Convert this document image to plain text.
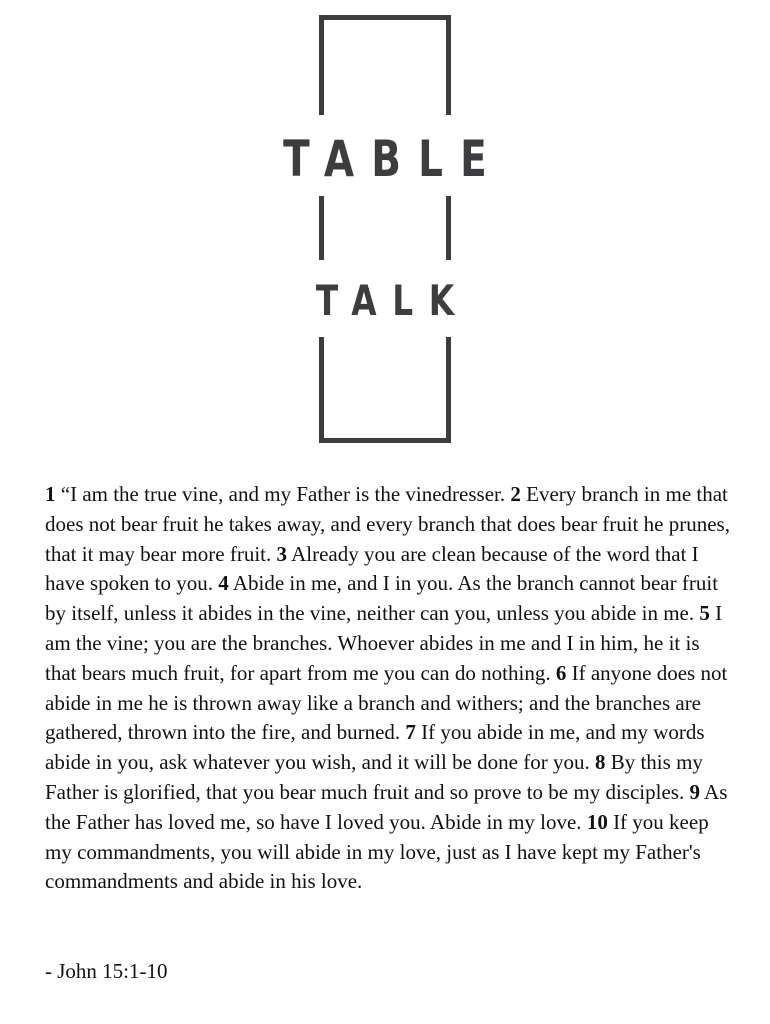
TABLE
TALK

1 “I am the true vine, and my Father is the vinedresser. 2 Every branch in me that does not bear fruit he takes away, and every branch that does bear fruit he prunes, that it may bear more fruit. 3 Already you are clean because of the word that I have spoken to you. 4 Abide in me, and I in you. As the branch cannot bear fruit by itself, unless it abides in the vine, neither can you, unless you abide in me. 5 I am the vine; you are the branches. Whoever abides in me and I in him, he it is that bears much fruit, for apart from me you can do nothing. 6 If anyone does not abide in me he is thrown away like a branch and withers; and the branches are gathered, thrown into the fire, and burned. 7 If you abide in me, and my words abide in you, ask whatever you wish, and it will be done for you. 8 By this my Father is glorified, that you bear much fruit and so prove to be my disciples. 9 As the Father has loved me, so have I loved you. Abide in my love. 10 If you keep my commandments, you will abide in my love, just as I have kept my Father's commandments and abide in his love.

- John 15:1-10
